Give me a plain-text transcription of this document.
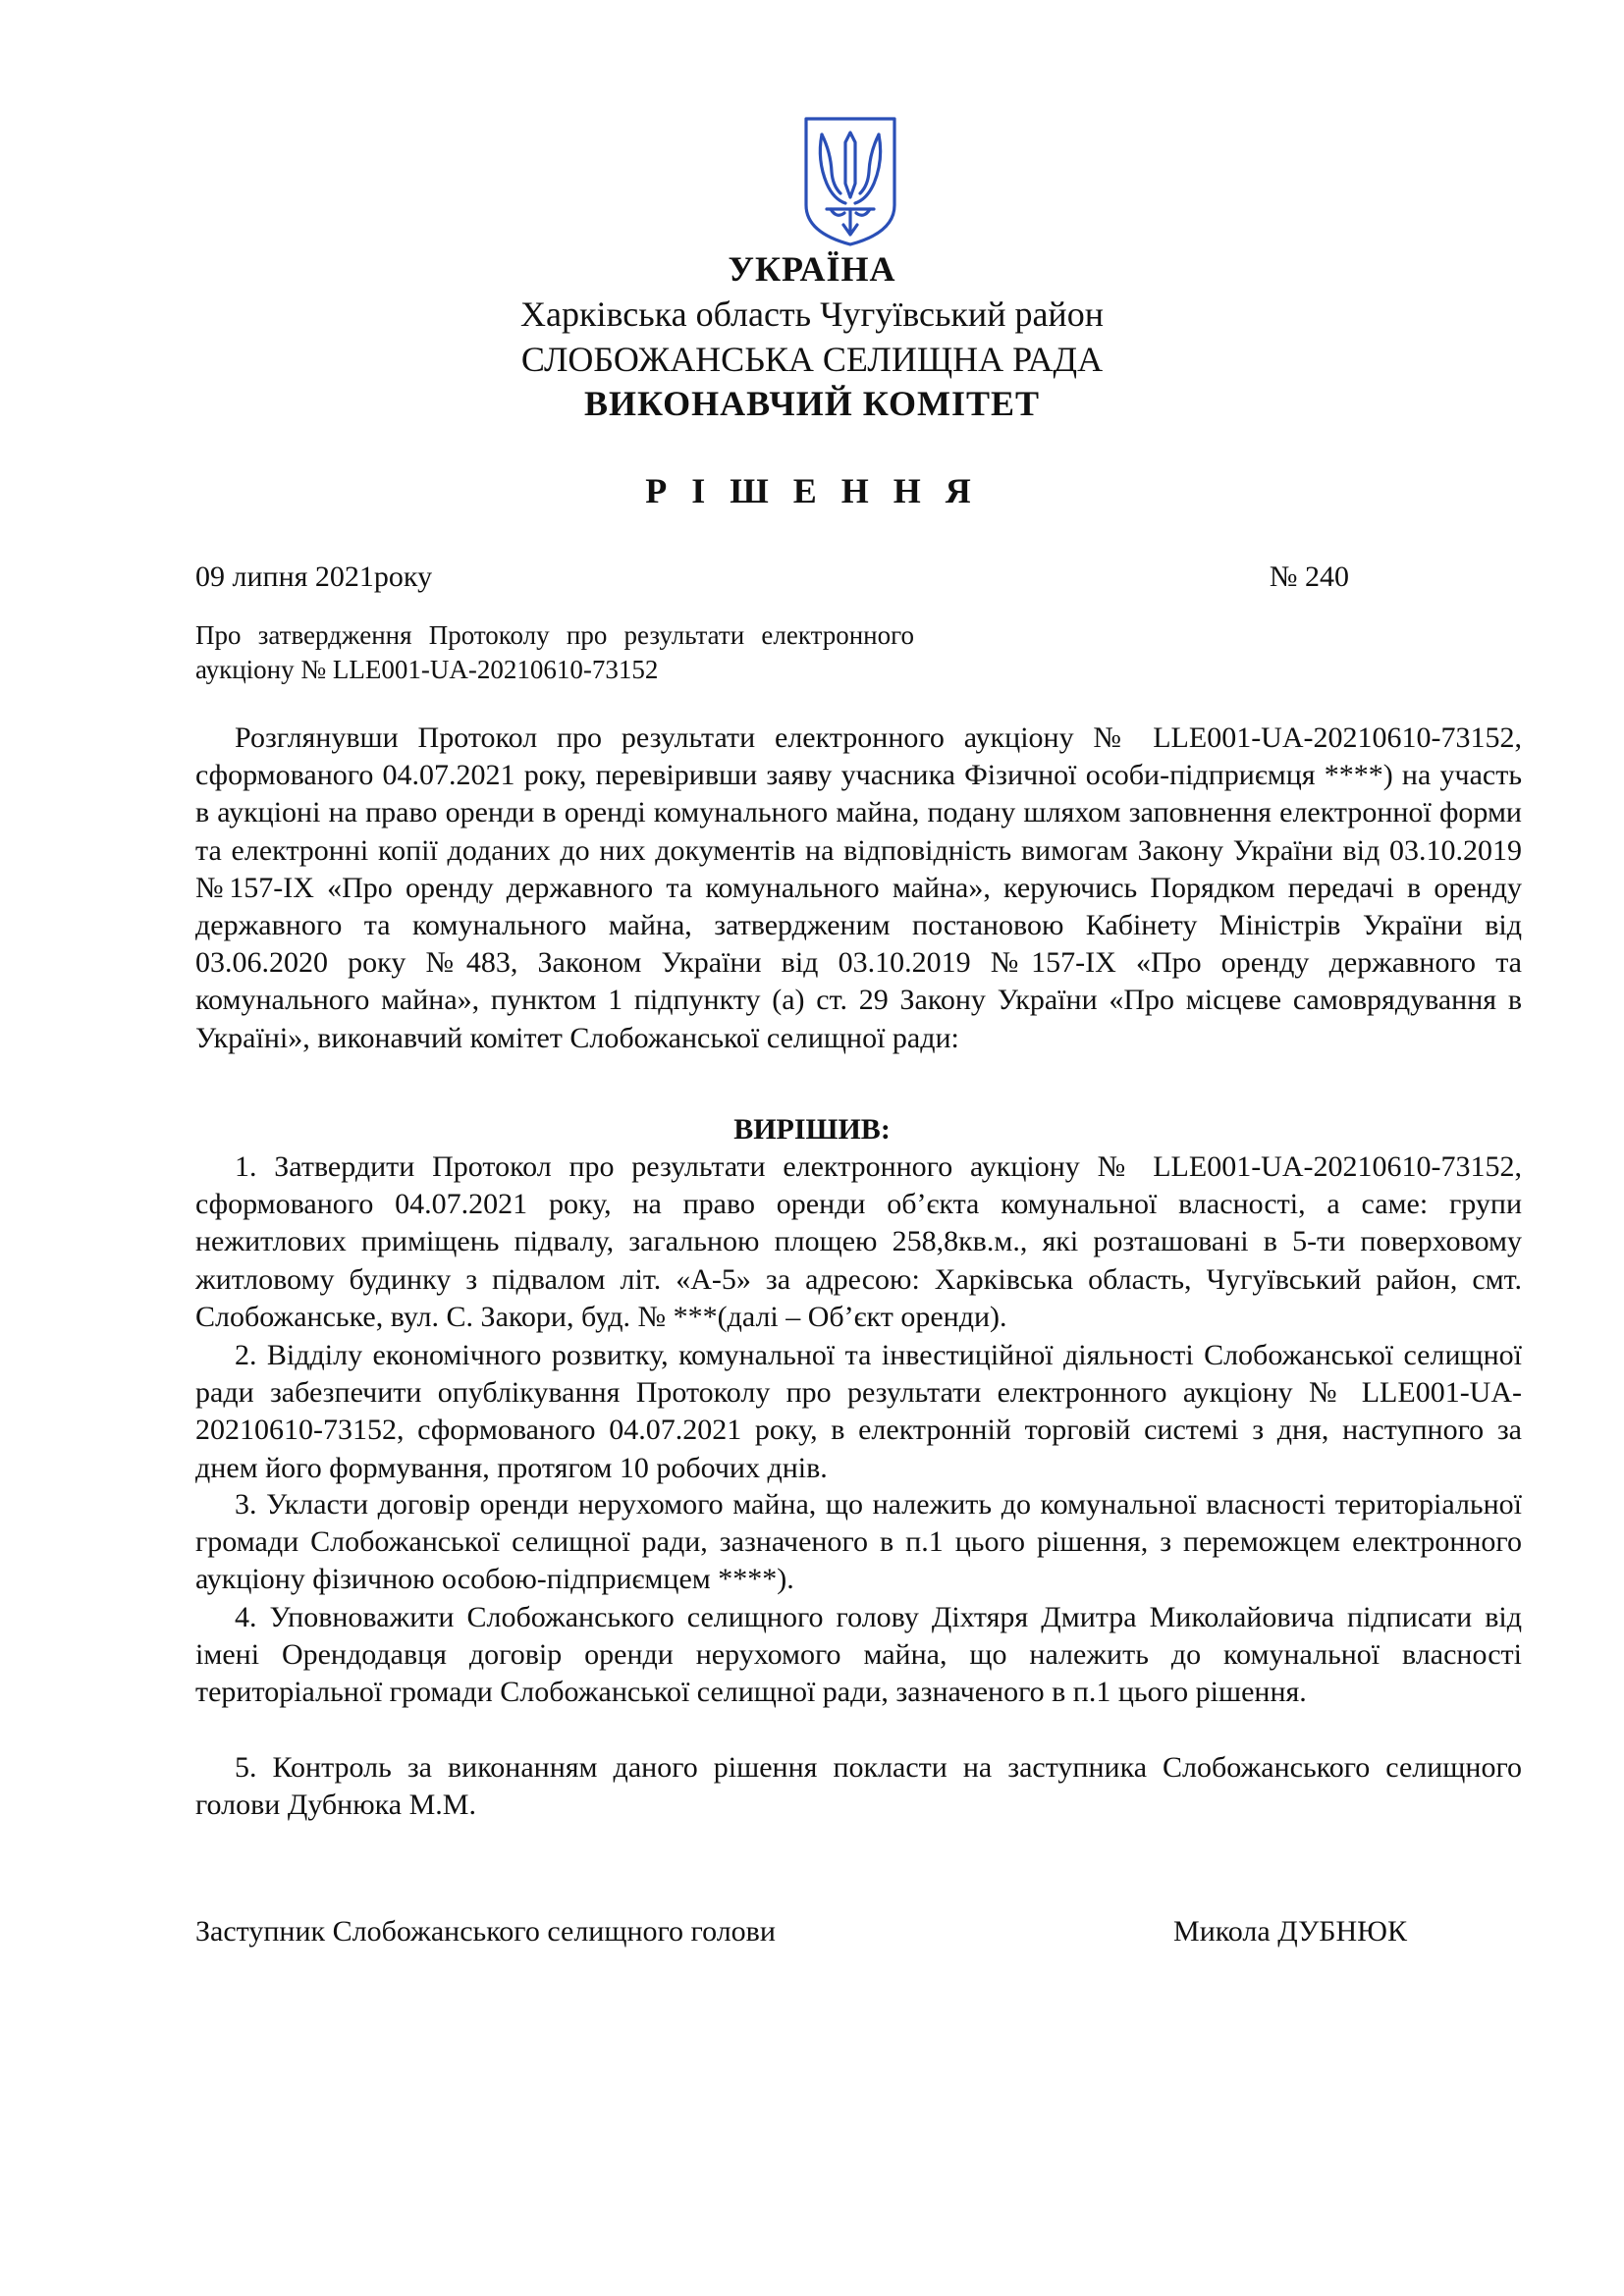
УКРАЇНА
Харківська область Чугуївський район
СЛОБОЖАНСЬКА СЕЛИЩНА РАДА
ВИКОНАВЧИЙ КОМІТЕТ
Р І Ш Е Н Н Я
09 липня 2021року	№ 240

Про затвердження Протоколу про результати електронного аукціону № LLE001-UA-20210610-73152

Розглянувши Протокол про результати електронного аукціону № LLE001-UA-20210610-73152, сформованого 04.07.2021 року, перевіривши заяву учасника Фізичної особи-підприємця ****) на участь в аукціоні на право оренди в оренді комунального майна, подану шляхом заповнення електронної форми та електронні копії доданих до них документів на відповідність вимогам Закону України від 03.10.2019 №157-IX «Про оренду державного та комунального майна», керуючись Порядком передачі в оренду державного та комунального майна, затвердженим постановою Кабінету Міністрів України від 03.06.2020 року №483, Законом України від 03.10.2019 №157-IX «Про оренду державного та комунального майна», пунктом 1 підпункту (а) ст. 29 Закону України «Про місцеве самоврядування в Україні», виконавчий комітет Слобожанської селищної ради:

ВИРІШИВ:

1. Затвердити Протокол про результати електронного аукціону № LLE001-UA-20210610-73152, сформованого 04.07.2021 року, на право оренди об’єкта комунальної власності, а саме: групи нежитлових приміщень підвалу, загальною площею 258,8кв.м., які розташовані в 5-ти поверховому житловому будинку з підвалом літ. «А-5» за адресою: Харківська область, Чугуївський район, смт. Слобожанське, вул. С. Закори, буд. № ***(далі – Об’єкт оренди).

2. Відділу економічного розвитку, комунальної та інвестиційної діяльності Слобожанської селищної ради забезпечити опублікування Протоколу про результати електронного аукціону № LLE001-UA-20210610-73152, сформованого 04.07.2021 року, в електронній торговій системі з дня, наступного за днем його формування, протягом 10 робочих днів.

3. Укласти договір оренди нерухомого майна, що належить до комунальної власності територіальної громади Слобожанської селищної ради, зазначеного в п.1 цього рішення, з переможцем електронного аукціону фізичною особою-підприємцем ****).

4. Уповноважити Слобожанського селищного голову Діхтяря Дмитра Миколайовича підписати від імені Орендодавця договір оренди нерухомого майна, що належить до комунальної власності територіальної громади Слобожанської селищної ради, зазначеного в п.1 цього рішення.

5. Контроль за виконанням даного рішення покласти на заступника Слобожанського селищного голови Дубнюка М.М.

Заступник Слобожанського селищного голови	Микола ДУБНЮК
